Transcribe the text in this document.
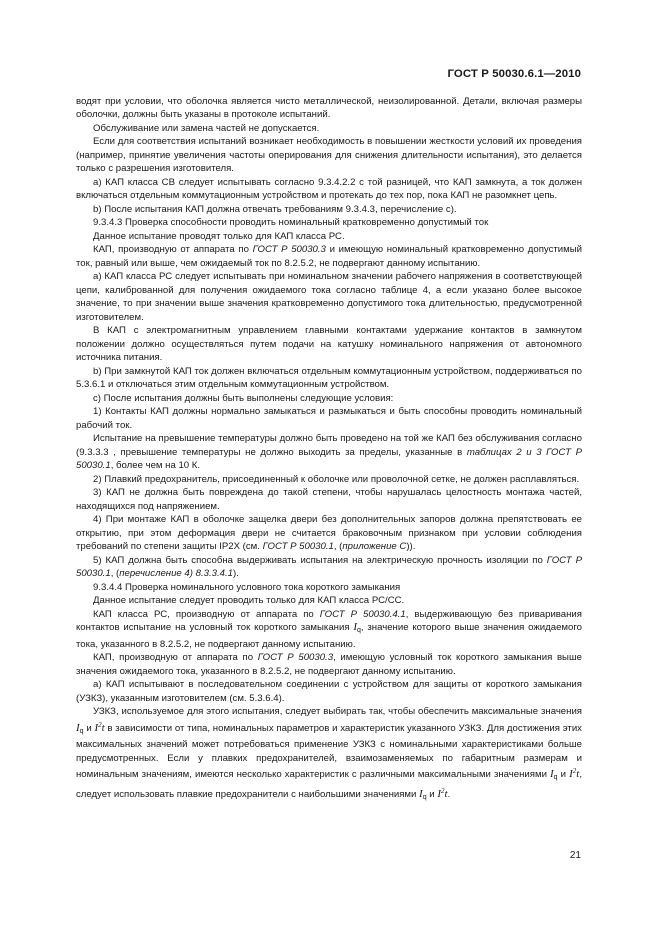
ГОСТ Р 50030.6.1—2010

водят при условии, что оболочка является чисто металлической, неизолированной. Детали, включая размеры оболочки, должны быть указаны в протоколе испытаний.

Обслуживание или замена частей не допускается.

Если для соответствия испытаний возникает необходимость в повышении жесткости условий их проведения (например, принятие увеличения частоты оперирования для снижения длительности испытания), это делается только с разрешения изготовителя.

а) КАП класса СВ следует испытывать согласно 9.3.4.2.2 с той разницей, что КАП замкнута, а ток должен включаться отдельным коммутационным устройством и протекать до тех пор, пока КАП не разомкнет цепь.

b) После испытания КАП должна отвечать требованиям 9.3.4.3, перечисление с).

9.3.4.3 Проверка способности проводить номинальный кратковременно допустимый ток

Данное испытание проводят только для КАП класса РС.

КАП, производную от аппарата по ГОСТ Р 50030.3 и имеющую номинальный кратковременно допустимый ток, равный или выше, чем ожидаемый ток по 8.2.5.2, не подвергают данному испытанию.

а) КАП класса РС следует испытывать при номинальном значении рабочего напряжения в соответствующей цепи, калиброванной для получения ожидаемого тока согласно таблице 4, а если указано более высокое значение, то при значении выше значения кратковременно допустимого тока длительностью, предусмотренной изготовителем.

В КАП с электромагнитным управлением главными контактами удержание контактов в замкнутом положении должно осуществляться путем подачи на катушку номинального напряжения от автономного источника питания.

b) При замкнутой КАП ток должен включаться отдельным коммутационным устройством, поддерживаться по 5.3.6.1 и отключаться этим отдельным коммутационным устройством.

с) После испытания должны быть выполнены следующие условия:

1) Контакты КАП должны нормально замыкаться и размыкаться и быть способны проводить номинальный рабочий ток.

Испытание на превышение температуры должно быть проведено на той же КАП без обслуживания согласно (9.3.3.3 , превышение температуры не должно выходить за пределы, указанные в таблицах 2 и 3 ГОСТ Р 50030.1, более чем на 10 К.

2) Плавкий предохранитель, присоединенный к оболочке или проволочной сетке, не должен расплавляться.

3) КАП не должна быть повреждена до такой степени, чтобы нарушалась целостность монтажа частей, находящихся под напряжением.

4) При монтаже КАП в оболочке защелка двери без дополнительных запоров должна препятствовать ее открытию, при этом деформация двери не считается браковочным признаком при условии соблюдения требований по степени защиты IP2X (см. ГОСТ Р 50030.1, (приложение С)).

5) КАП должна быть способна выдерживать испытания на электрическую прочность изоляции по ГОСТ Р 50030.1, (перечисление 4) 8.3.3.4.1).

9.3.4.4 Проверка номинального условного тока короткого замыкания

Данное испытание следует проводить только для КАП класса РС/СС.

КАП класса РС, производную от аппарата по ГОСТ Р 50030.4.1, выдерживающую без приваривания контактов испытание на условный ток короткого замыкания $I_q$, значение которого выше значения ожидаемого тока, указанного в 8.2.5.2, не подвергают данному испытанию.

КАП, производную от аппарата по ГОСТ Р 50030.3, имеющую условный ток короткого замыкания выше значения ожидаемого тока, указанного в 8.2.5.2, не подвергают данному испытанию.

а) КАП испытывают в последовательном соединении с устройством для защиты от короткого замыкания (УЗКЗ), указанным изготовителем (см. 5.3.6.4).

УЗКЗ, используемое для этого испытания, следует выбирать так, чтобы обеспечить максимальные значения $I_q$ и $I^2t$ в зависимости от типа, номинальных параметров и характеристик указанного УЗКЗ. Для достижения этих максимальных значений может потребоваться применение УЗКЗ с номинальными характеристиками больше предусмотренных. Если у плавких предохранителей, взаимозаменяемых по габаритным размерам и номинальным значениям, имеются несколько характеристик с различными максимальными значениями $I_q$ и $I^2t$, следует использовать плавкие предохранители с наибольшими значениями $I_q$ и $I^2t$.

21
